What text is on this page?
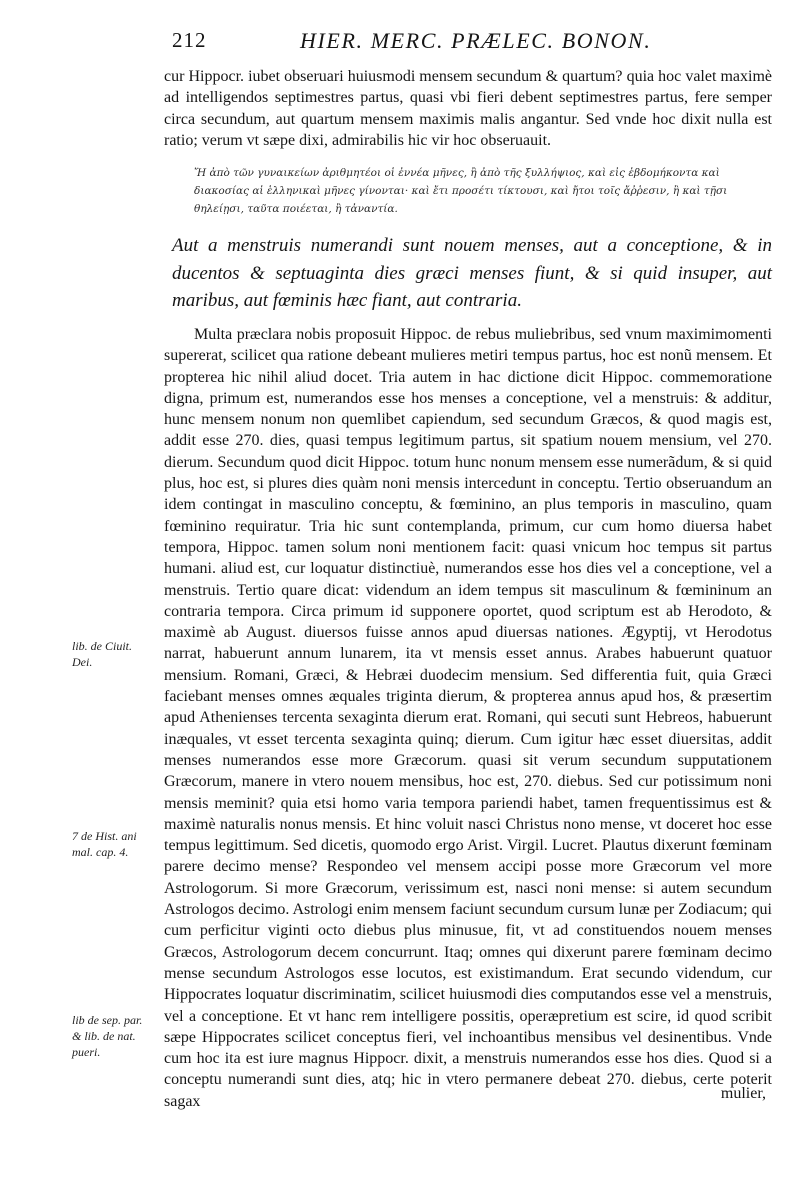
212	HIER. MERC. PRÆLEC. BONON.

cur Hippocr. iubet obseruari huiusmodi mensem secundum & quartum? quia hoc valet maximè ad intelligendos septimestres partus, quasi vbi fieri debent septimestres partus, fere semper circa secundum, aut quartum mensem maximis malis angantur. Sed vnde hoc dixit nulla est ratio; verum vt sæpe dixi, admirabilis hic vir hoc obseruauit.

Ἤ ἀπὸ τῶν γυναικείων ἀριθμητέοι οἱ ἐννέα μῆνες, ἢ ἀπὸ τῆς ξυλλήψιος, καὶ εἰς ἑβδομήκοντα καὶ διακοσίας αἱ ἑλληνικαὶ μῆνες γίνονται· καὶ ἔτι προσέτι τίκτουσι, καὶ ἤτοι τοῖς ἄῤῥεσιν, ἢ καὶ τῇσι θηλείῃσι, ταῦτα ποιέεται, ἢ τἀναντία.
Aut a menstruis numerandi sunt nouem menses, aut a conceptione, & in ducentos & septuaginta dies græci menses fiunt, & si quid insuper, aut maribus, aut fœminis hæc fiant, aut contraria.

Multa præclara nobis proposuit Hippoc. de rebus muliebribus, sed vnum maximimomenti supererat, scilicet qua ratione debeant mulieres metiri tempus partus, hoc est nonũ mensem. Et propterea hic nihil aliud docet. Tria autem in hac dictione dicit Hippoc. commemoratione digna, primum est, numerandos esse hos menses a conceptione, vel a menstruis: & additur, hunc mensem nonum non quemlibet capiendum, sed secundum Græcos, & quod magis est, addit esse 270. dies, quasi tempus legitimum partus, sit spatium nouem mensium, vel 270. dierum. Secundum quod dicit Hippoc. totum hunc nonum mensem esse numerãdum, & si quid plus, hoc est, si plures dies quàm noni mensis intercedunt in conceptu. Tertio obseruandum an idem contingat in masculino conceptu, & fœminino, an plus temporis in masculino, quam fœminino requiratur. Tria hic sunt contemplanda, primum, cur cum homo diuersa habet tempora, Hippoc. tamen solum noni mentionem facit: quasi vnicum hoc tempus sit partus humani. aliud est, cur loquatur distinctiuè, numerandos esse hos dies vel a conceptione, vel a menstruis. Tertio quare dicat: videndum an idem tempus sit masculinum & fœmininum an contraria tempora. Circa primum id supponere oportet, quod scriptum est ab Herodoto, & maximè ab August. diuersos fuisse annos apud diuersas nationes. Ægyptij, vt Herodotus narrat, habuerunt annum lunarem, ita vt mensis esset annus. Arabes habuerunt quatuor mensium. Romani, Græci, & Hebræi duodecim mensium. Sed differentia fuit, quia Græci faciebant menses omnes æquales triginta dierum, & propterea annus apud hos, & præsertim apud Athenienses tercenta sexaginta dierum erat. Romani, qui secuti sunt Hebreos, habuerunt inæquales, vt esset tercenta sexaginta quinq; dierum. Cum igitur hæc esset diuersitas, addit menses numerandos esse more Græcorum. quasi sit verum secundum supputationem Græcorum, manere in vtero nouem mensibus, hoc est, 270. diebus. Sed cur potissimum noni mensis meminit? quia etsi homo varia tempora pariendi habet, tamen frequentissimus est & maximè naturalis nonus mensis. Et hinc voluit nasci Christus nono mense, vt doceret hoc esse tempus legittimum. Sed dicetis, quomodo ergo Arist. Virgil. Lucret. Plautus dixerunt fœminam parere decimo mense? Respondeo vel mensem accipi posse more Græcorum vel more Astrologorum. Si more Græcorum, verissimum est, nasci noni mense: si autem secundum Astrologos decimo. Astrologi enim mensem faciunt secundum cursum lunæ per Zodiacum; qui cum perficitur viginti octo diebus plus minusue, fit, vt ad constituendos nouem menses Græcos, Astrologorum decem concurrunt. Itaq; omnes qui dixerunt parere fœminam decimo mense secundum Astrologos esse locutos, est existimandum. Erat secundo videndum, cur Hippocrates loquatur discriminatim, scilicet huiusmodi dies computandos esse vel a menstruis, vel a conceptione. Et vt hanc rem intelligere possitis, operæpretium est scire, id quod scribit sæpe Hippocrates scilicet conceptus fieri, vel inchoantibus mensibus vel desinentibus. Vnde cum hoc ita est iure magnus Hippocr. dixit, a menstruis numerandos esse hos dies. Quod si a conceptu numerandi sunt dies, atq; hic in vtero permanere debeat 270. diebus, certe poterit sagax

lib. de Ciuit.
Dei.
7 de Hist. ani
mal. cap. 4.
lib de sep. par.
& lib. de nat.
pueri.
mulier,
